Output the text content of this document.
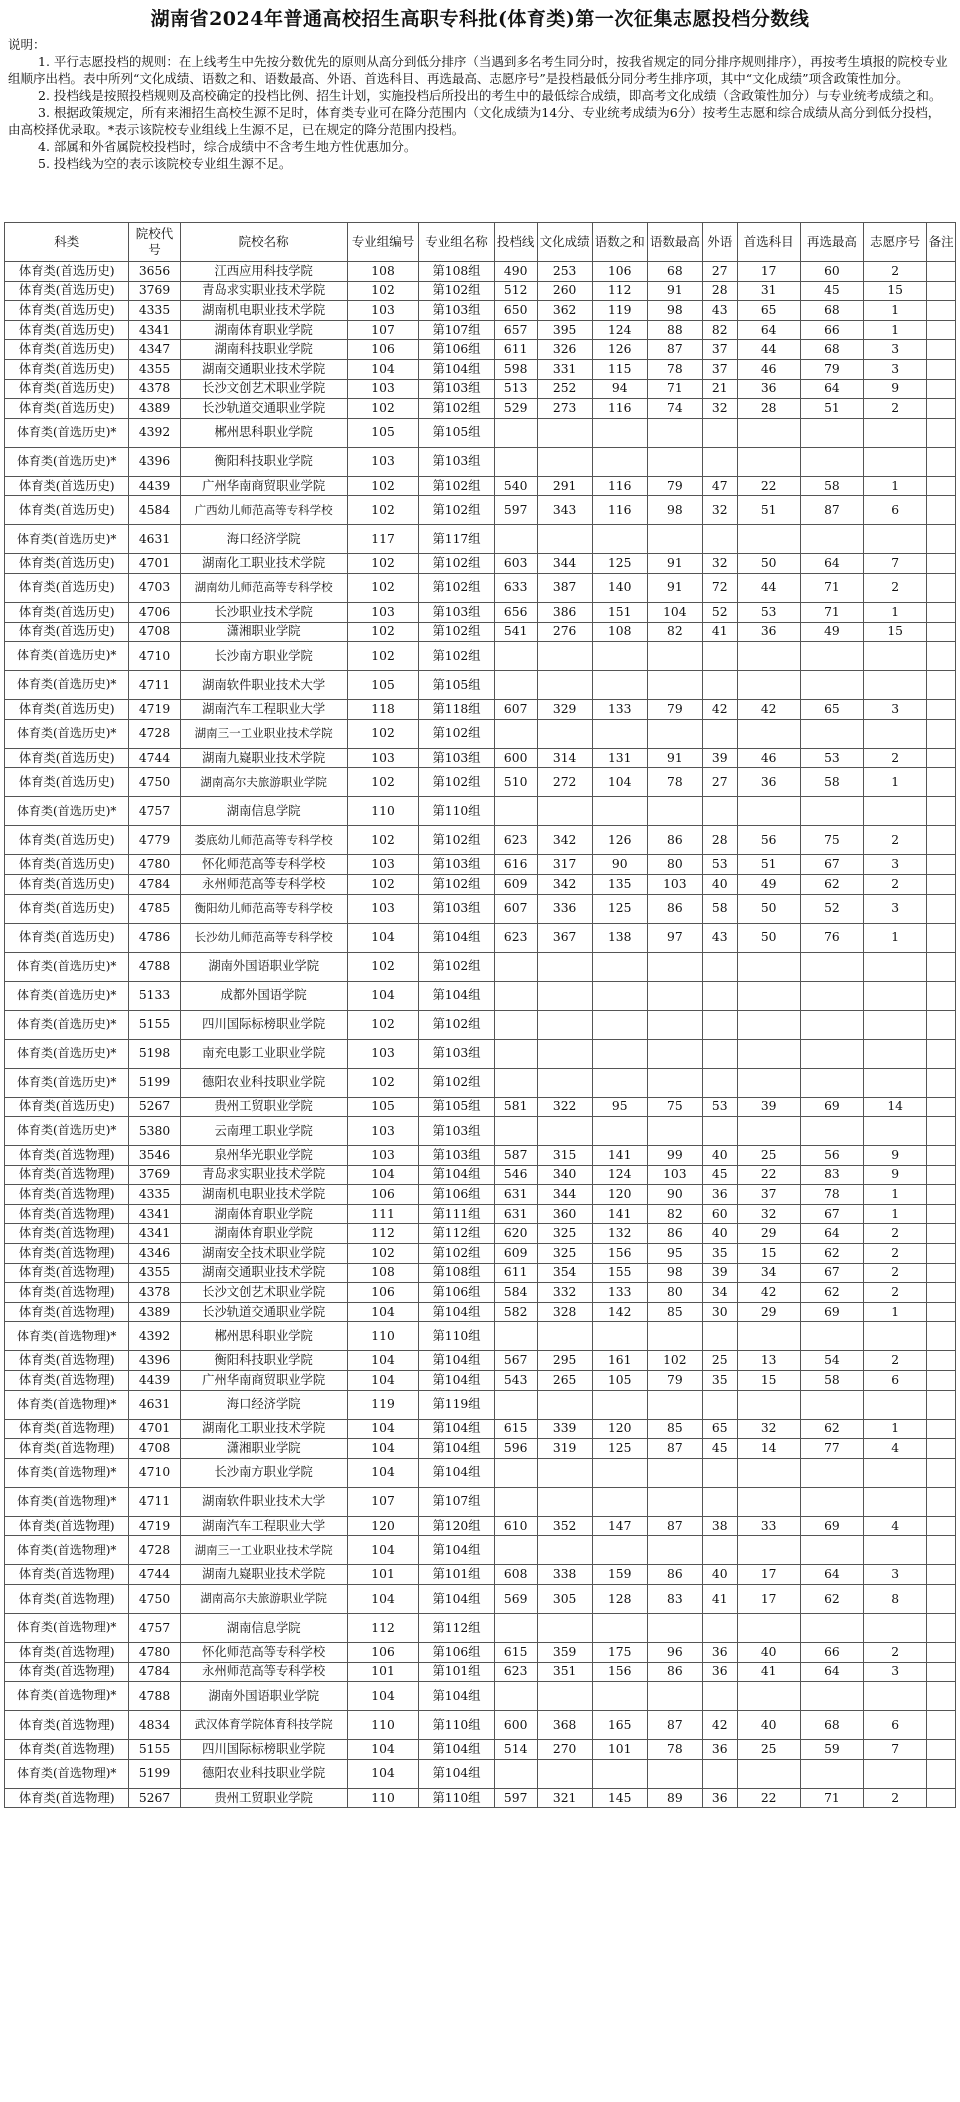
湖南省2024年普通高校招生高职专科批(体育类)第一次征集志愿投档分数线

说明：

1. 平行志愿投档的规则：在上线考生中先按分数优先的原则从高分到低分排序（当遇到多名考生同分时，按我省规定的同分排序规则排序），再按考生填报的院校专业组顺序出档。表中所列“文化成绩、语数之和、语数最高、外语、首选科目、再选最高、志愿序号”是投档最低分同分考生排序项，其中“文化成绩”项含政策性加分。

2. 投档线是按照投档规则及高校确定的投档比例、招生计划，实施投档后所投出的考生中的最低综合成绩，即高考文化成绩（含政策性加分）与专业统考成绩之和。

3. 根据政策规定，所有来湘招生高校生源不足时，体育类专业可在降分范围内（文化成绩为14分、专业统考成绩为6分）按考生志愿和综合成绩从高分到低分投档，由高校择优录取。*表示该院校专业组线上生源不足，已在规定的降分范围内投档。

4. 部属和外省属院校投档时，综合成绩中不含考生地方性优惠加分。

5. 投档线为空的表示该院校专业组生源不足。

科类	院校代号	院校名称	专业组编号	专业组名称	投档线	文化成绩	语数之和	语数最高	外语	首选科目	再选最高	志愿序号	备注
体育类(首选历史)	3656	江西应用科技学院	108	第108组	490	253	106	68	27	17	60	2	
体育类(首选历史)	3769	青岛求实职业技术学院	102	第102组	512	260	112	91	28	31	45	15	
体育类(首选历史)	4335	湖南机电职业技术学院	103	第103组	650	362	119	98	43	65	68	1	
体育类(首选历史)	4341	湖南体育职业学院	107	第107组	657	395	124	88	82	64	66	1	
体育类(首选历史)	4347	湖南科技职业学院	106	第106组	611	326	126	87	37	44	68	3	
体育类(首选历史)	4355	湖南交通职业技术学院	104	第104组	598	331	115	78	37	46	79	3	
体育类(首选历史)	4378	长沙文创艺术职业学院	103	第103组	513	252	94	71	21	36	64	9	
体育类(首选历史)	4389	长沙轨道交通职业学院	102	第102组	529	273	116	74	32	28	51	2	
体育类(首选历史)*	4392	郴州思科职业学院	105	第105组									
体育类(首选历史)*	4396	衡阳科技职业学院	103	第103组									
体育类(首选历史)	4439	广州华南商贸职业学院	102	第102组	540	291	116	79	47	22	58	1	
体育类(首选历史)	4584	广西幼儿师范高等专科学校	102	第102组	597	343	116	98	32	51	87	6	
体育类(首选历史)*	4631	海口经济学院	117	第117组									
体育类(首选历史)	4701	湖南化工职业技术学院	102	第102组	603	344	125	91	32	50	64	7	
体育类(首选历史)	4703	湖南幼儿师范高等专科学校	102	第102组	633	387	140	91	72	44	71	2	
体育类(首选历史)	4706	长沙职业技术学院	103	第103组	656	386	151	104	52	53	71	1	
体育类(首选历史)	4708	潇湘职业学院	102	第102组	541	276	108	82	41	36	49	15	
体育类(首选历史)*	4710	长沙南方职业学院	102	第102组									
体育类(首选历史)*	4711	湖南软件职业技术大学	105	第105组									
体育类(首选历史)	4719	湖南汽车工程职业大学	118	第118组	607	329	133	79	42	42	65	3	
体育类(首选历史)*	4728	湖南三一工业职业技术学院	102	第102组									
体育类(首选历史)	4744	湖南九嶷职业技术学院	103	第103组	600	314	131	91	39	46	53	2	
体育类(首选历史)	4750	湖南高尔夫旅游职业学院	102	第102组	510	272	104	78	27	36	58	1	
体育类(首选历史)*	4757	湖南信息学院	110	第110组									
体育类(首选历史)	4779	娄底幼儿师范高等专科学校	102	第102组	623	342	126	86	28	56	75	2	
体育类(首选历史)	4780	怀化师范高等专科学校	103	第103组	616	317	90	80	53	51	67	3	
体育类(首选历史)	4784	永州师范高等专科学校	102	第102组	609	342	135	103	40	49	62	2	
体育类(首选历史)	4785	衡阳幼儿师范高等专科学校	103	第103组	607	336	125	86	58	50	52	3	
体育类(首选历史)	4786	长沙幼儿师范高等专科学校	104	第104组	623	367	138	97	43	50	76	1	
体育类(首选历史)*	4788	湖南外国语职业学院	102	第102组									
体育类(首选历史)*	5133	成都外国语学院	104	第104组									
体育类(首选历史)*	5155	四川国际标榜职业学院	102	第102组									
体育类(首选历史)*	5198	南充电影工业职业学院	103	第103组									
体育类(首选历史)*	5199	德阳农业科技职业学院	102	第102组									
体育类(首选历史)	5267	贵州工贸职业学院	105	第105组	581	322	95	75	53	39	69	14	
体育类(首选历史)*	5380	云南理工职业学院	103	第103组									
体育类(首选物理)	3546	泉州华光职业学院	103	第103组	587	315	141	99	40	25	56	9	
体育类(首选物理)	3769	青岛求实职业技术学院	104	第104组	546	340	124	103	45	22	83	9	
体育类(首选物理)	4335	湖南机电职业技术学院	106	第106组	631	344	120	90	36	37	78	1	
体育类(首选物理)	4341	湖南体育职业学院	111	第111组	631	360	141	82	60	32	67	1	
体育类(首选物理)	4341	湖南体育职业学院	112	第112组	620	325	132	86	40	29	64	2	
体育类(首选物理)	4346	湖南安全技术职业学院	102	第102组	609	325	156	95	35	15	62	2	
体育类(首选物理)	4355	湖南交通职业技术学院	108	第108组	611	354	155	98	39	34	67	2	
体育类(首选物理)	4378	长沙文创艺术职业学院	106	第106组	584	332	133	80	34	42	62	2	
体育类(首选物理)	4389	长沙轨道交通职业学院	104	第104组	582	328	142	85	30	29	69	1	
体育类(首选物理)*	4392	郴州思科职业学院	110	第110组									
体育类(首选物理)	4396	衡阳科技职业学院	104	第104组	567	295	161	102	25	13	54	2	
体育类(首选物理)	4439	广州华南商贸职业学院	104	第104组	543	265	105	79	35	15	58	6	
体育类(首选物理)*	4631	海口经济学院	119	第119组									
体育类(首选物理)	4701	湖南化工职业技术学院	104	第104组	615	339	120	85	65	32	62	1	
体育类(首选物理)	4708	潇湘职业学院	104	第104组	596	319	125	87	45	14	77	4	
体育类(首选物理)*	4710	长沙南方职业学院	104	第104组									
体育类(首选物理)*	4711	湖南软件职业技术大学	107	第107组									
体育类(首选物理)	4719	湖南汽车工程职业大学	120	第120组	610	352	147	87	38	33	69	4	
体育类(首选物理)*	4728	湖南三一工业职业技术学院	104	第104组									
体育类(首选物理)	4744	湖南九嶷职业技术学院	101	第101组	608	338	159	86	40	17	64	3	
体育类(首选物理)	4750	湖南高尔夫旅游职业学院	104	第104组	569	305	128	83	41	17	62	8	
体育类(首选物理)*	4757	湖南信息学院	112	第112组									
体育类(首选物理)	4780	怀化师范高等专科学校	106	第106组	615	359	175	96	36	40	66	2	
体育类(首选物理)	4784	永州师范高等专科学校	101	第101组	623	351	156	86	36	41	64	3	
体育类(首选物理)*	4788	湖南外国语职业学院	104	第104组									
体育类(首选物理)	4834	武汉体育学院体育科技学院	110	第110组	600	368	165	87	42	40	68	6	
体育类(首选物理)	5155	四川国际标榜职业学院	104	第104组	514	270	101	78	36	25	59	7	
体育类(首选物理)*	5199	德阳农业科技职业学院	104	第104组									
体育类(首选物理)	5267	贵州工贸职业学院	110	第110组	597	321	145	89	36	22	71	2	
